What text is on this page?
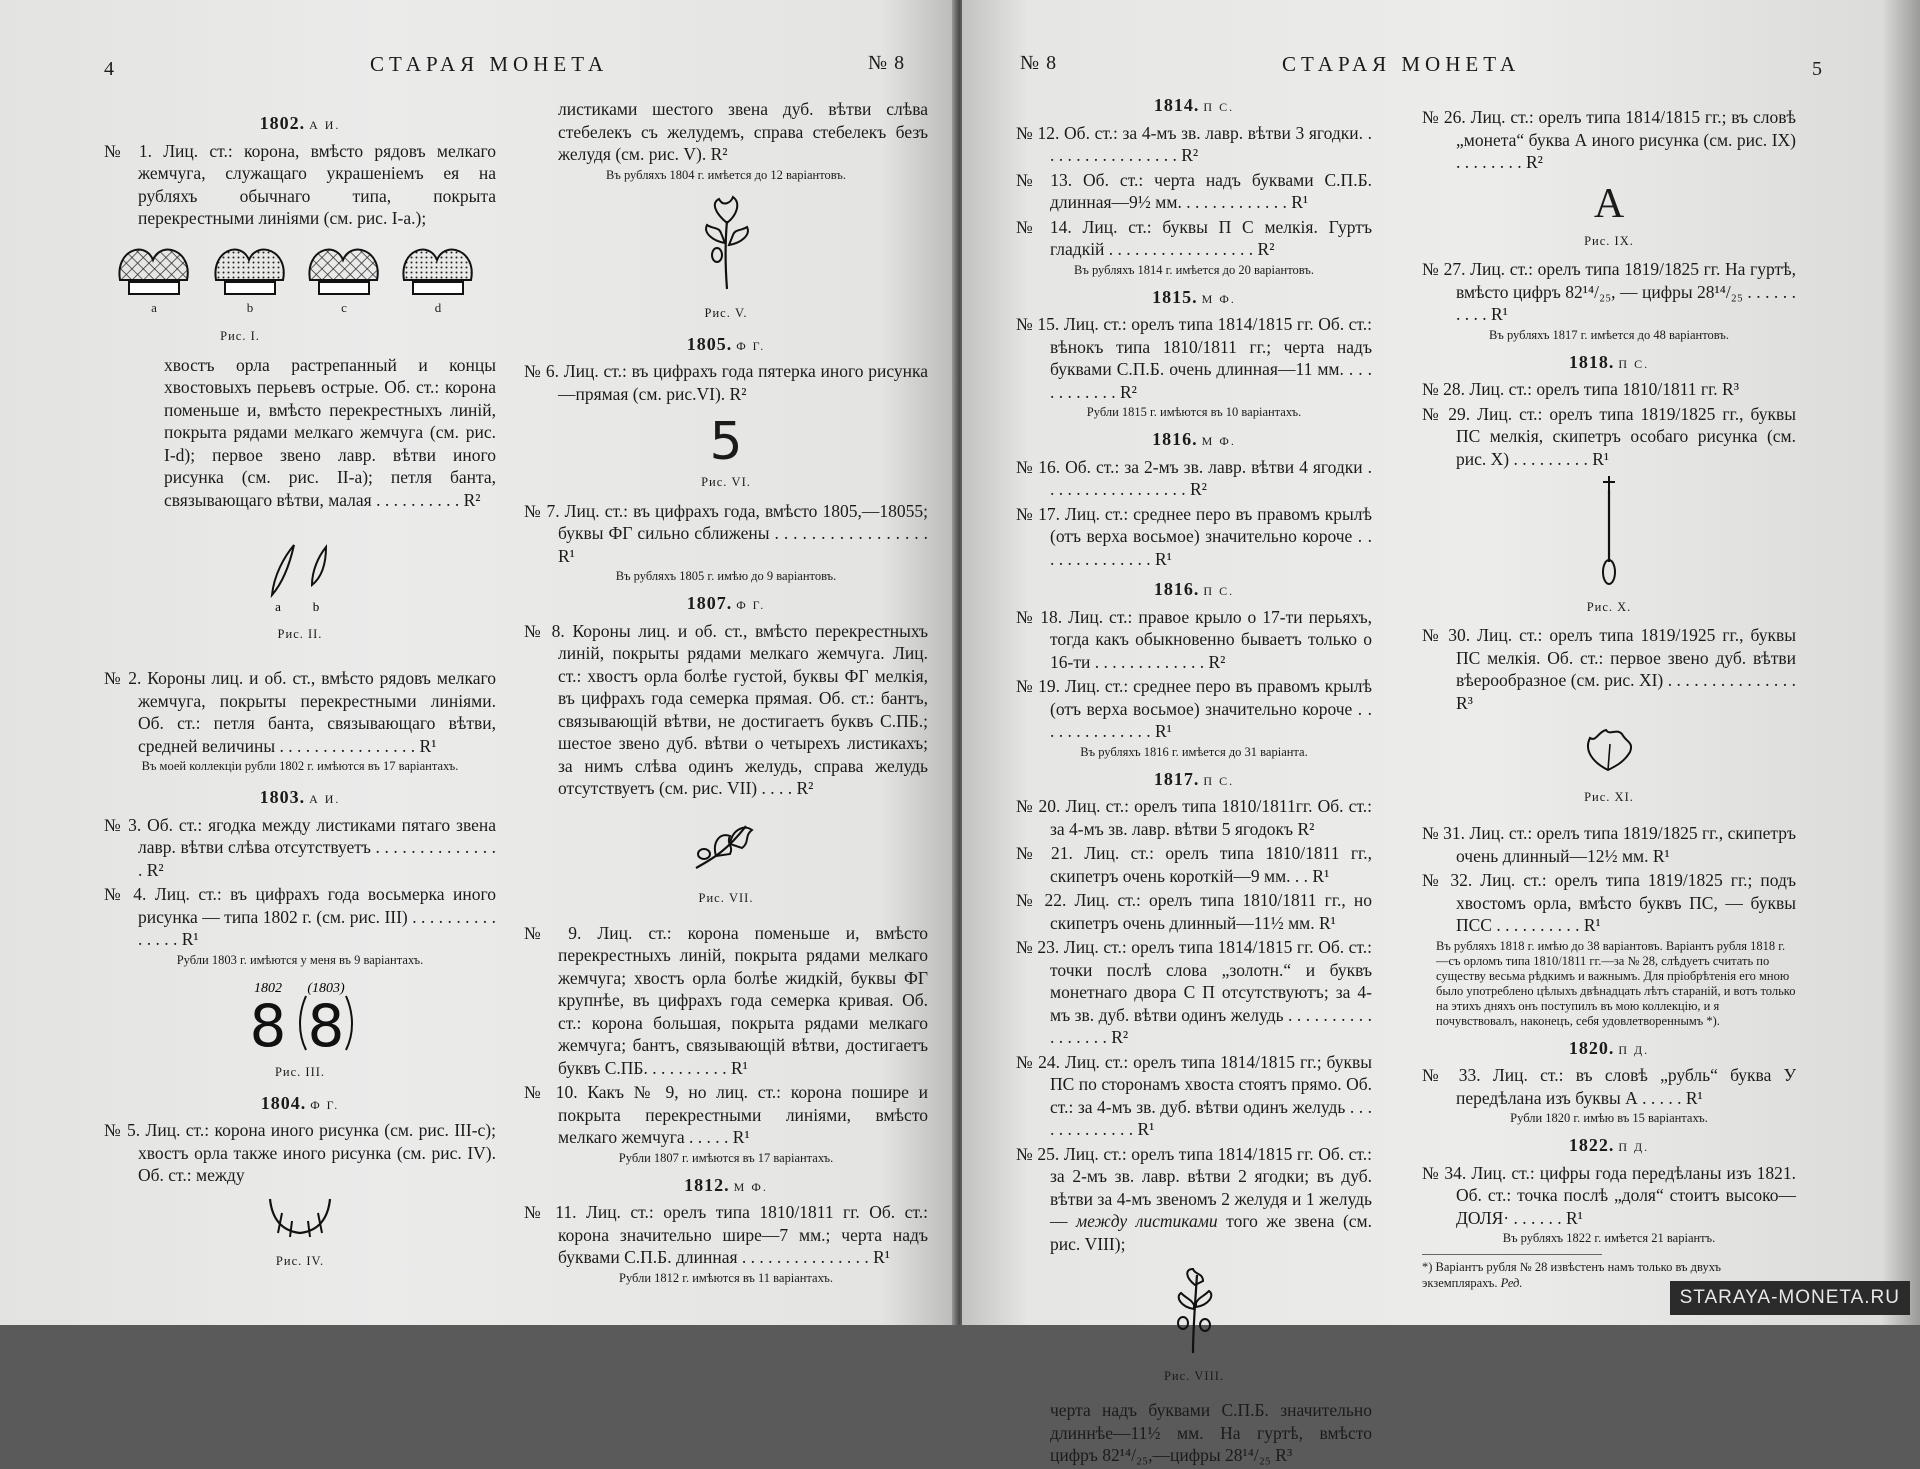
4	СТАРАЯ МОНЕТА	№ 8
1802. А И.

№ 1. Лиц. ст.: корона, вмѣсто рядовъ мелкаго жемчуга, служащаго украшеніемъ ея на рубляхъ обычнаго типа, покрыта перекрестными линіями (см. рис. I-a.);

a	b	c	d
Рис. I.

хвостъ орла растрепанный и концы хвостовыхъ перьевъ острые. Об. ст.: корона поменьше и, вмѣсто перекрестныхъ линій, покрыта рядами мелкаго жемчуга (см. рис. I-d); первое звено лавр. вѣтви иного рисунка (см. рис. II-a); петля банта, связывающаго вѣтви, малая . . . . . . . . . . R²

a b
Рис. II.

№ 2. Короны лиц. и об. ст., вмѣсто рядовъ мелкаго жемчуга, покрыты перекрестными линіями. Об. ст.: петля банта, связывающаго вѣтви, средней величины . . . . . . . . . . . . . . . . R¹

Въ моей коллекціи рубли 1802 г. имѣются въ 17 варіантахъ.
1803. А И.

№ 3. Об. ст.: ягодка между листиками пятаго звена лавр. вѣтви слѣва отсутствуетъ . . . . . . . . . . . . . . . R²

№ 4. Лиц. ст.: въ цифрахъ года восьмерка иного рисунка — типа 1802 г. (см. рис. III) . . . . . . . . . . . . . . . R¹

Рубли 1803 г. имѣются у меня въ 9 варіантахъ.
1802 (1803)
8 8
Рис. III.
1804. Ф Г.

№ 5. Лиц. ст.: корона иного рисунка (см. рис. III-c); хвостъ орла также иного рисунка (см. рис. IV). Об. ст.: между

Рис. IV.

листиками шестого звена дуб. вѣтви слѣва стебелекъ съ желудемъ, справа стебелекъ безъ желудя (см. рис. V). R²

Въ рубляхъ 1804 г. имѣется до 12 варіантовъ.
Рис. V.
1805. Ф Г.

№ 6. Лиц. ст.: въ цифрахъ года пятерка иного рисунка—прямая (см. рис.VI). R²

5
Рис. VI.

№ 7. Лиц. ст.: въ цифрахъ года, вмѣсто 1805,—18055; буквы ФГ сильно сближены . . . . . . . . . . . . . . . . . R¹

Въ рубляхъ 1805 г. имѣю до 9 варіантовъ.
1807. Ф Г.

№ 8. Короны лиц. и об. ст., вмѣсто перекрестныхъ линій, покрыты рядами мелкаго жемчуга. Лиц. ст.: хвостъ орла болѣе густой, буквы ФГ мелкія, въ цифрахъ года семерка прямая. Об. ст.: бантъ, связывающій вѣтви, не достигаетъ буквъ С.ПБ.; шестое звено дуб. вѣтви о четырехъ листикахъ; за нимъ слѣва одинъ желудь, справа желудь отсутствуетъ (см. рис. VII) . . . . R²

Рис. VII.

№ 9. Лиц. ст.: корона поменьше и, вмѣсто перекрестныхъ линій, покрыта рядами мелкаго жемчуга; хвостъ орла болѣе жидкій, буквы ФГ крупнѣе, въ цифрахъ года семерка кривая. Об. ст.: корона большая, покрыта рядами мелкаго жемчуга; бантъ, связывающій вѣтви, достигаетъ буквъ С.ПБ. . . . . . . . . . R¹

№ 10. Какъ № 9, но лиц. ст.: корона пошире и покрыта перекрестными линіями, вмѣсто мелкаго жемчуга . . . . . R¹

Рубли 1807 г. имѣются въ 17 варіантахъ.
1812. М Ф.

№ 11. Лиц. ст.: орелъ типа 1810/1811 гг. Об. ст.: корона значительно шире—7 мм.; черта надъ буквами С.П.Б. длинная . . . . . . . . . . . . . . . R¹

Рубли 1812 г. имѣются въ 11 варіантахъ.
№ 8	СТАРАЯ МОНЕТА	5
1814. П С.

№ 12. Об. ст.: за 4-мъ зв. лавр. вѣтви 3 ягодки. . . . . . . . . . . . . . . . . R²

№ 13. Об. ст.: черта надъ буквами С.П.Б. длинная—9½ мм. . . . . . . . . . . . . R¹

№ 14. Лиц. ст.: буквы П С мелкія. Гуртъ гладкій . . . . . . . . . . . . . . . . . R²

Въ рубляхъ 1814 г. имѣется до 20 варіантовъ.
1815. М Ф.

№ 15. Лиц. ст.: орелъ типа 1814/1815 гг. Об. ст.: вѣнокъ типа 1810/1811 гг.; черта надъ буквами С.П.Б. очень длинная—11 мм. . . . . . . . . . . . R²

Рубли 1815 г. имѣются въ 10 варіантахъ.
1816. М Ф.

№ 16. Об. ст.: за 2-мъ зв. лавр. вѣтви 4 ягодки . . . . . . . . . . . . . . . . . R²

№ 17. Лиц. ст.: среднее перо въ правомъ крылѣ (отъ верха восьмое) значительно короче . . . . . . . . . . . . . . R¹

1816. П С.

№ 18. Лиц. ст.: правое крыло о 17-ти перьяхъ, тогда какъ обыкновенно бываетъ только о 16-ти . . . . . . . . . . . . . R²

№ 19. Лиц. ст.: среднее перо въ правомъ крылѣ (отъ верха восьмое) значительно короче . . . . . . . . . . . . . . R¹

Въ рубляхъ 1816 г. имѣется до 31 варіанта.
1817. П С.

№ 20. Лиц. ст.: орелъ типа 1810/1811гг. Об. ст.: за 4-мъ зв. лавр. вѣтви 5 ягодокъ R²

№ 21. Лиц. ст.: орелъ типа 1810/1811 гг., скипетръ очень короткій—9 мм. . . R¹

№ 22. Лиц. ст.: орелъ типа 1810/1811 гг., но скипетръ очень длинный—11½ мм. R¹

№ 23. Лиц. ст.: орелъ типа 1814/1815 гг. Об. ст.: точки послѣ слова „золотн.“ и буквъ монетнаго двора С П отсутствуютъ; за 4-мъ зв. дуб. вѣтви одинъ желудь . . . . . . . . . . . . . . . . . R²

№ 24. Лиц. ст.: орелъ типа 1814/1815 гг.; буквы ПС по сторонамъ хвоста стоятъ прямо. Об. ст.: за 4-мъ зв. дуб. вѣтви одинъ желудь . . . . . . . . . . . . . R¹

№ 25. Лиц. ст.: орелъ типа 1814/1815 гг. Об. ст.: за 2-мъ зв. лавр. вѣтви 2 ягодки; въ дуб. вѣтви за 4-мъ звеномъ 2 желудя и 1 желудь — между листиками того же звена (см. рис. VIII);

Рис. VIII.

черта надъ буквами С.П.Б. значительно длиннѣе—11½ мм. На гуртѣ, вмѣсто цифръ 82¹⁴/₂₅,—цифры 28¹⁴/₂₅ R³

№ 26. Лиц. ст.: орелъ типа 1814/1815 гг.; въ словѣ „монета“ буква А иного рисунка (см. рис. IX) . . . . . . . . R²

A
Рис. IX.

№ 27. Лиц. ст.: орелъ типа 1819/1825 гг. На гуртѣ, вмѣсто цифръ 82¹⁴/₂₅, — цифры 28¹⁴/₂₅ . . . . . . . . . . R¹

Въ рубляхъ 1817 г. имѣется до 48 варіантовъ.
1818. П С.

№ 28. Лиц. ст.: орелъ типа 1810/1811 гг. R³

№ 29. Лиц. ст.: орелъ типа 1819/1825 гг., буквы ПС мелкія, скипетръ особаго рисунка (см. рис. X) . . . . . . . . . R¹

Рис. X.

№ 30. Лиц. ст.: орелъ типа 1819/1925 гг., буквы ПС мелкія. Об. ст.: первое звено дуб. вѣтви вѣерообразное (см. рис. XI) . . . . . . . . . . . . . . . R³

Рис. XI.

№ 31. Лиц. ст.: орелъ типа 1819/1825 гг., скипетръ очень длинный—12½ мм. R¹

№ 32. Лиц. ст.: орелъ типа 1819/1825 гг.; подъ хвостомъ орла, вмѣсто буквъ ПС, — буквы ПСС . . . . . . . . . . R¹

Въ рубляхъ 1818 г. имѣю до 38 варіантовъ. Варіантъ рубля 1818 г.—съ орломъ типа 1810/1811 гг.—за № 28, слѣдуетъ считать по существу весьма рѣдкимъ и важнымъ. Для пріобрѣтенія его мною было употреблено цѣлыхъ двѣнадцать лѣтъ стараній, и вотъ только на этихъ дняхъ онъ поступилъ въ мою коллекцію, и я почувствовалъ, наконецъ, себя удовлетвореннымъ *).
1820. П Д.

№ 33. Лиц. ст.: въ словѣ „рубль“ буква У передѣлана изъ буквы А . . . . . R¹

Рубли 1820 г. имѣю въ 15 варіантахъ.
1822. П Д.

№ 34. Лиц. ст.: цифры года передѣланы изъ 1821. Об. ст.: точка послѣ „доля“ стоитъ высоко—ДОЛЯ· . . . . . . R¹

Въ рубляхъ 1822 г. имѣется 21 варіантъ.
*) Варіантъ рубля № 28 извѣстенъ намъ только въ двухъ экземплярахъ. Ред.
STARAYA-MONETA.RU
